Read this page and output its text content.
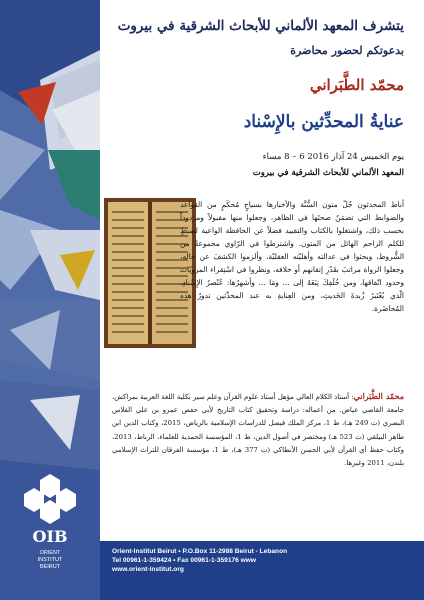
OIB
ORIENT
INSTITUT
BEIRUT
يتشرف المعهد الألماني للأبحاث الشرقية في بيروت
بدعوتكم لحضور محاضرة
محمّد الطَّبَراني
عنايةُ المحدِّثين بالإِسْناد
يوم الخميس 24 آذار 2016 6 – 8 مساء
المعهد الألماني للأبحاث الشرقية في بيروت
أناط المحدثون جُلّ متون السُّنَّة والأخبارها بسياجٍ مُحكَمٍ من القواعد والضوابط التي تضمَنُ صحتَها في الظاهر، وجعلوا منها مقبولاً ومردوداً بحسب ذلك، واشتغلوا بالكتاب والتقييد فضلاً عن الحافظة الواعية لضبطٍ للكلم الزاحم الهائل من المتون. واشترطوا في الرّاوي مجموعةً من الشُّروط، وبحثوا في عدالته وأهليّته العقليّة، وألزموا الكشفَ عن حاله، وجعلوا الرواة مراتبَ بقَدْرِ إتقانهم أو خلافه، ونظروا في اسْتِقراء المرويّات وحدود اتّفاقها، ومن خُلَفِكَ تِبَعَهُ إلى ... ومَا ... وأشهرُها: عُنْصرُ الإِسْنادِ، الّذي يُعْتَبرُ زُبدةَ الحَديثِ، ومن العِنايةِ به عند المحدِّثين تدورُ هذه المُحاضَرة.
محمّد الطَّبَراني: أستاذ الكلام العالي مؤهل أستاذ علوم القرآن وعلم سير بكلية اللغة العربية بمراكش، جامعة القاضي عياض. من أعماله: دراسة وتحقيق كتاب التاريخ لأبي حفص عمرو بن علي الفلاس البصري (ت 249 هـ)، ط 1، مركز الملك فيصل للدراسات الإسلامية بالرياض، 2015، وكتاب الدين ابن طاهر البيلقي (ت 523 هـ) ومختصر في أصول الدين، ط 1، المؤسسة الحمدية للعلماء، الرباط، 2013، وكتاب حفظ آي القرآن لأبي الحسن الأنطاكي (ت 377 هـ)، ط 1، مؤسسة الفرقان للتراث الإسلامي بلندن، 2011 وغيرها.
Orient-Institut Beirut • P.O.Box 11-2988 Beirut - Lebanon
Tel 00961-1-359424 • Fax 00961-1-359176 www
www.orient-institut.org
